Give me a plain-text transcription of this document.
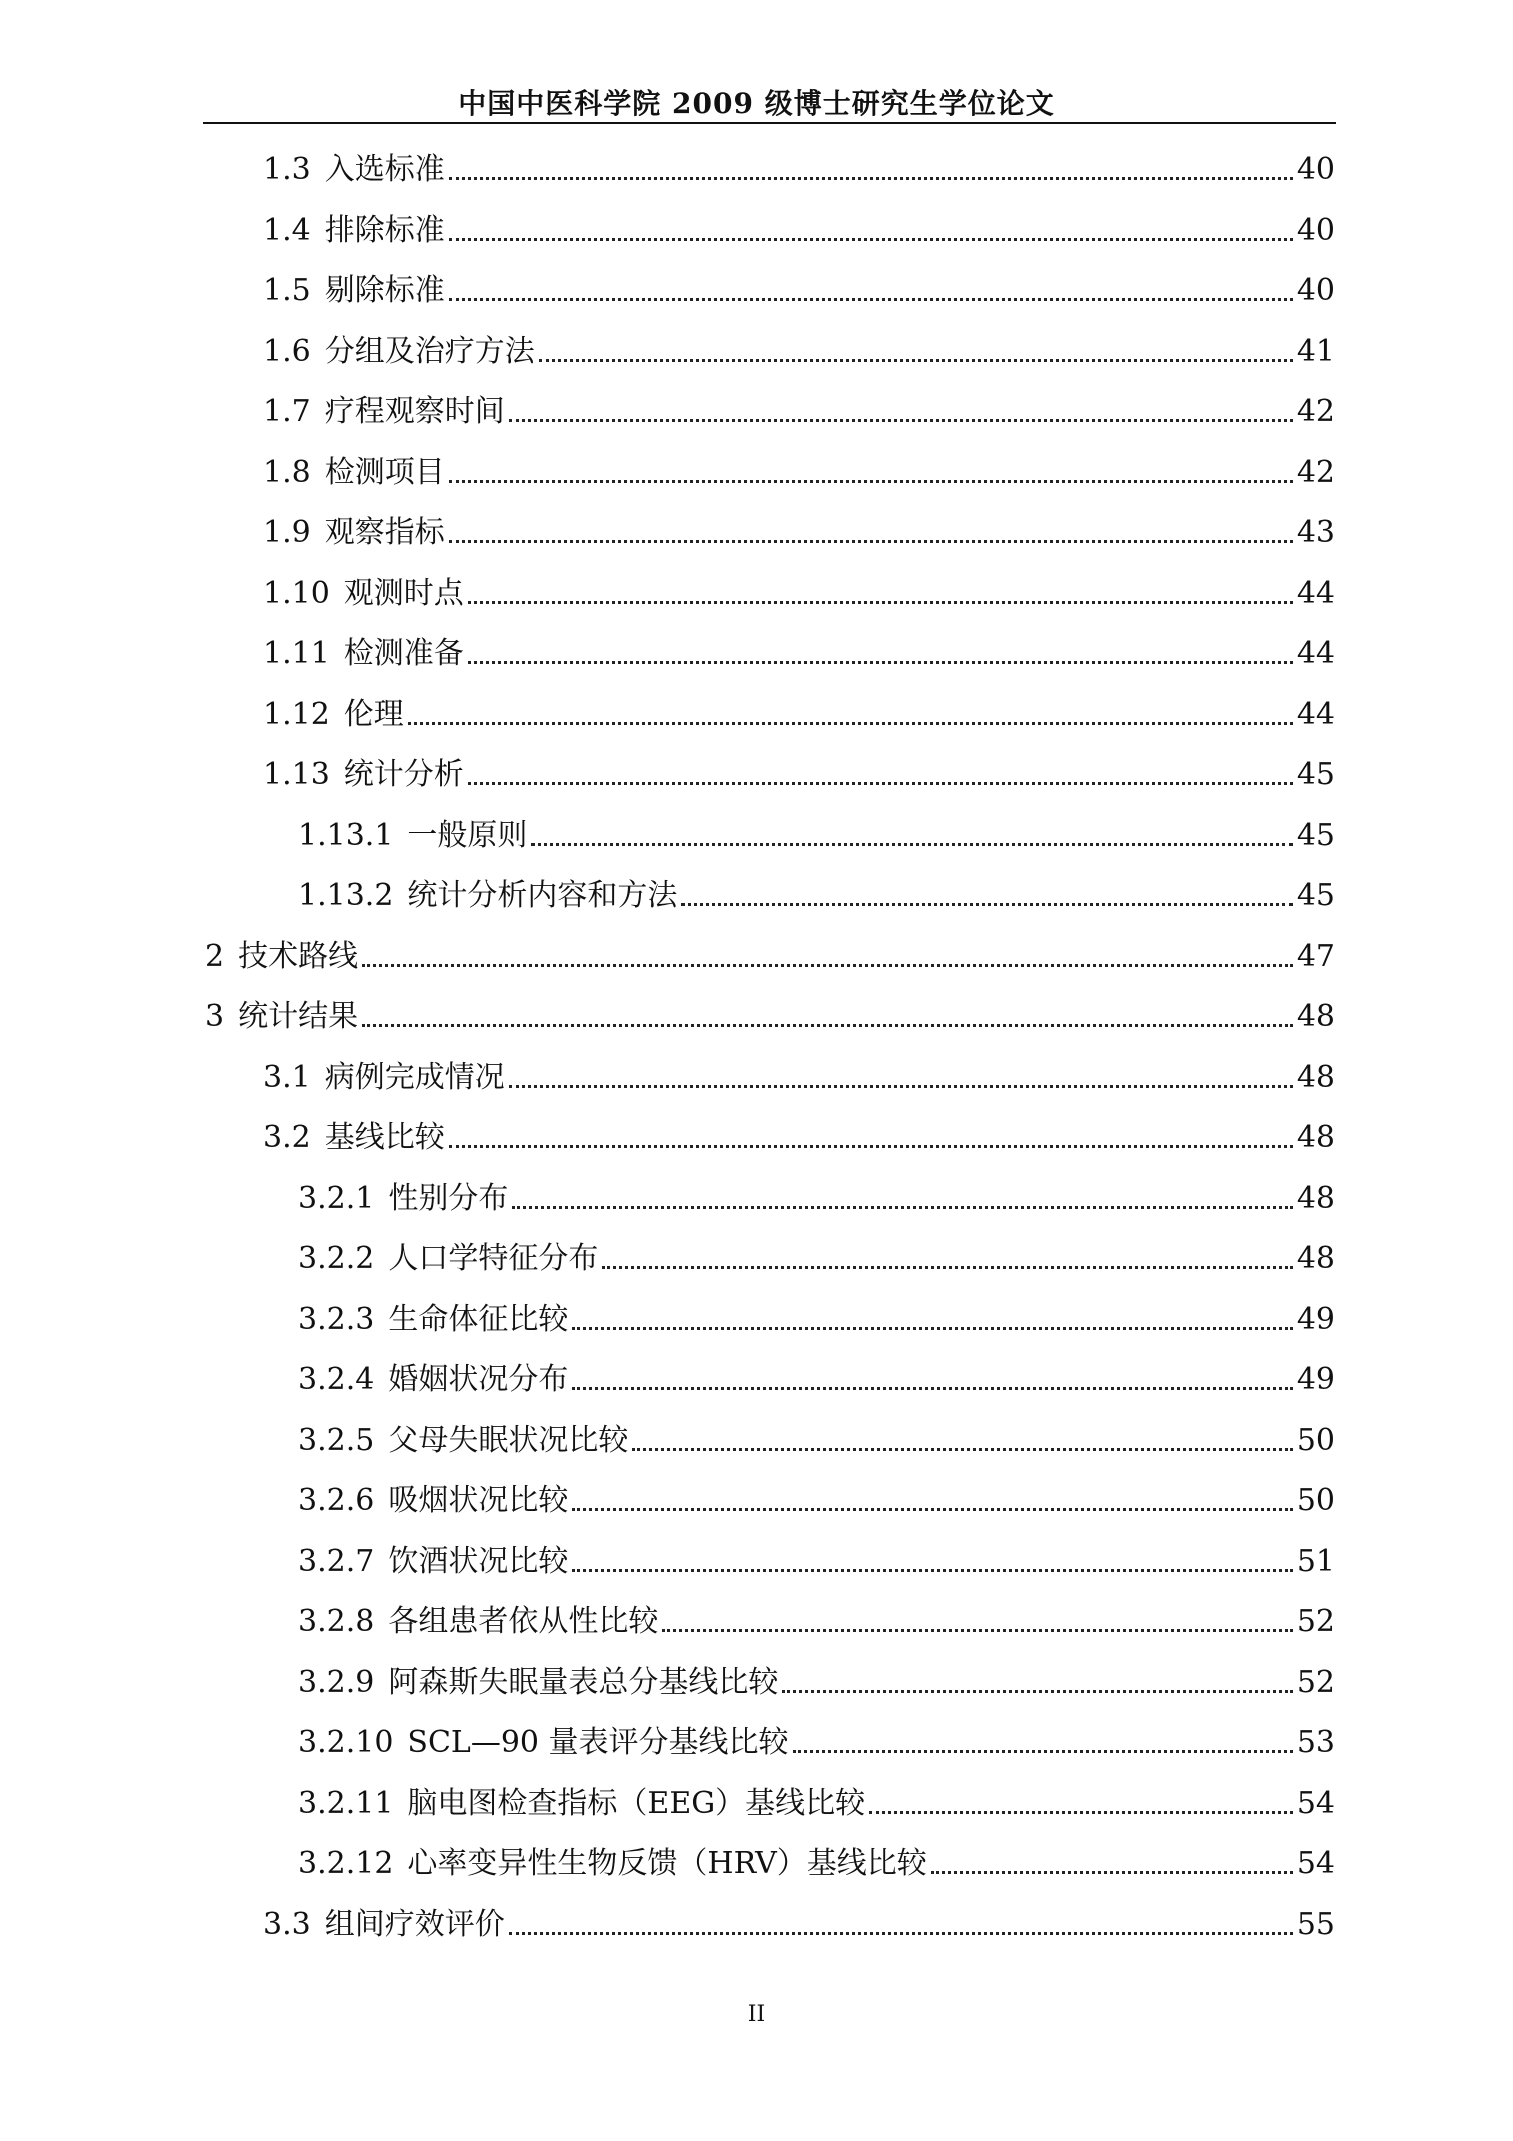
中国中医科学院 2009 级博士研究生学位论文
1.3 入选标准	40
1.4 排除标准	40
1.5 剔除标准	40
1.6 分组及治疗方法	41
1.7 疗程观察时间	42
1.8 检测项目	42
1.9 观察指标	43
1.10 观测时点	44
1.11 检测准备	44
1.12 伦理	44
1.13 统计分析	45
1.13.1 一般原则	45
1.13.2 统计分析内容和方法	45
2 技术路线	47
3 统计结果	48
3.1 病例完成情况	48
3.2 基线比较	48
3.2.1 性别分布	48
3.2.2 人口学特征分布	48
3.2.3 生命体征比较	49
3.2.4 婚姻状况分布	49
3.2.5 父母失眠状况比较	50
3.2.6 吸烟状况比较	50
3.2.7 饮酒状况比较	51
3.2.8 各组患者依从性比较	52
3.2.9 阿森斯失眠量表总分基线比较	52
3.2.10 SCL—90 量表评分基线比较	53
3.2.11 脑电图检查指标（EEG）基线比较	54
3.2.12 心率变异性生物反馈（HRV）基线比较	54
3.3 组间疗效评价	55
II
